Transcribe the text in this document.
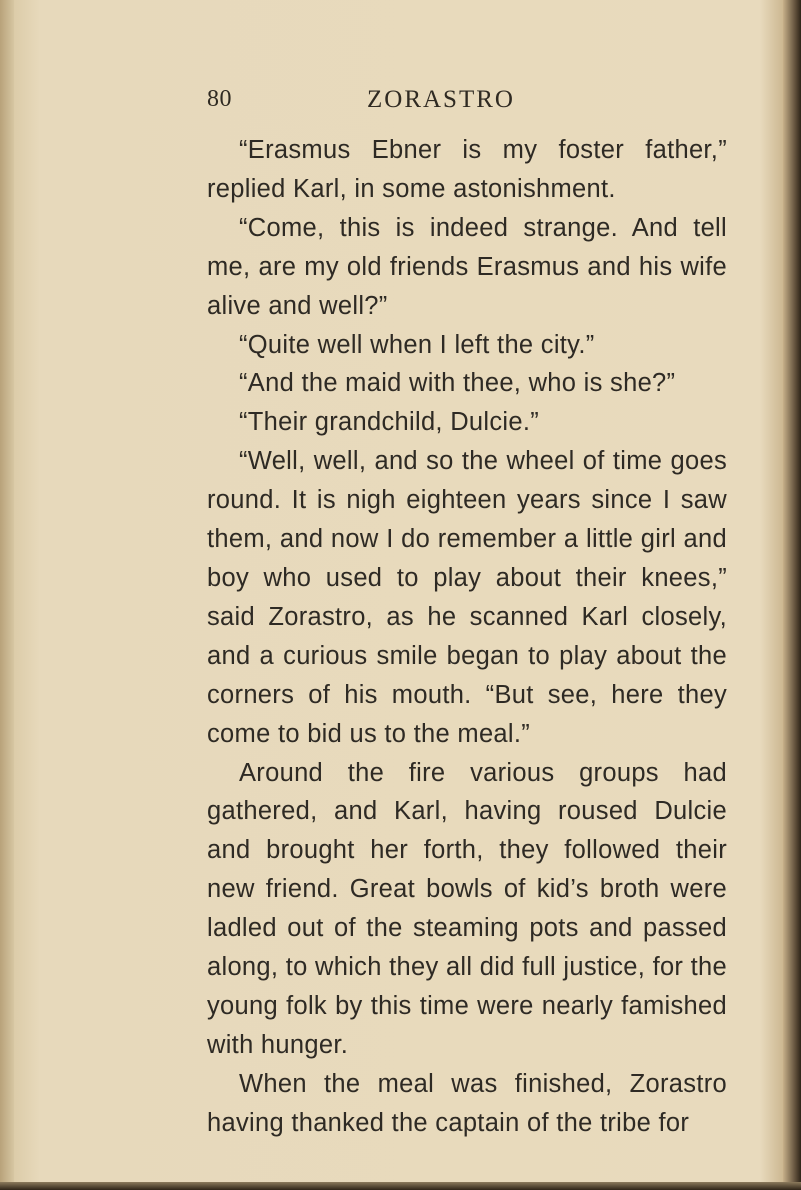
80	ZORASTRO

“Erasmus Ebner is my foster father,” replied Karl, in some astonishment.

“Come, this is indeed strange. And tell me, are my old friends Erasmus and his wife alive and well?”

“Quite well when I left the city.”

“And the maid with thee, who is she?”

“Their grandchild, Dulcie.”

“Well, well, and so the wheel of time goes round. It is nigh eighteen years since I saw them, and now I do remember a little girl and boy who used to play about their knees,” said Zorastro, as he scanned Karl closely, and a curious smile began to play about the corners of his mouth. “But see, here they come to bid us to the meal.”

Around the fire various groups had gathered, and Karl, having roused Dulcie and brought her forth, they followed their new friend. Great bowls of kid’s broth were ladled out of the steaming pots and passed along, to which they all did full justice, for the young folk by this time were nearly famished with hunger.

When the meal was finished, Zorastro having thanked the captain of the tribe for
